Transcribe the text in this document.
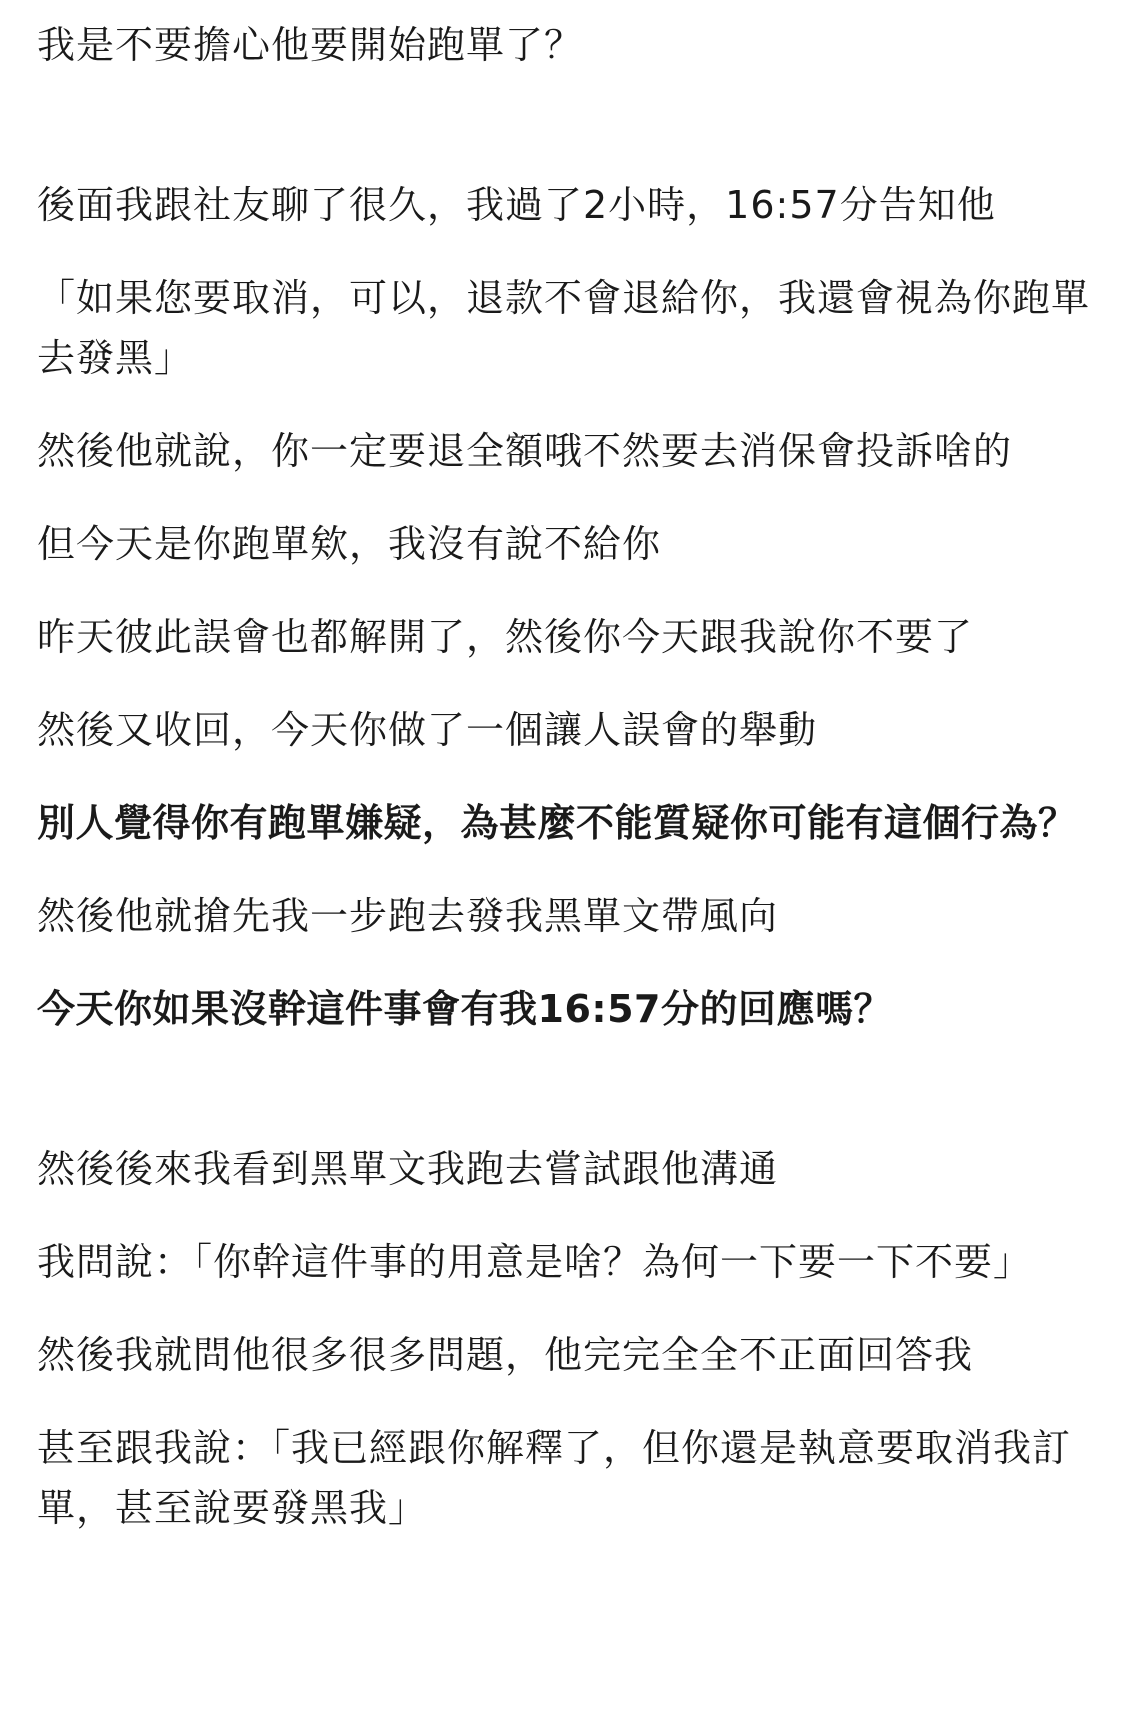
我是不要擔心他要開始跑單了？

後面我跟社友聊了很久，我過了2小時，16:57分告知他

「如果您要取消，可以，退款不會退給你，我還會視為你跑單去發黑」

然後他就說，你一定要退全額哦不然要去消保會投訴啥的

但今天是你跑單欸，我沒有說不給你

昨天彼此誤會也都解開了，然後你今天跟我說你不要了

然後又收回，今天你做了一個讓人誤會的舉動

別人覺得你有跑單嫌疑，為甚麼不能質疑你可能有這個行為？

然後他就搶先我一步跑去發我黑單文帶風向

今天你如果沒幹這件事會有我16:57分的回應嗎？

然後後來我看到黑單文我跑去嘗試跟他溝通

我問說：「你幹這件事的用意是啥？為何一下要一下不要」

然後我就問他很多很多問題，他完完全全不正面回答我

甚至跟我說：「我已經跟你解釋了，但你還是執意要取消我訂單，甚至說要發黑我」
